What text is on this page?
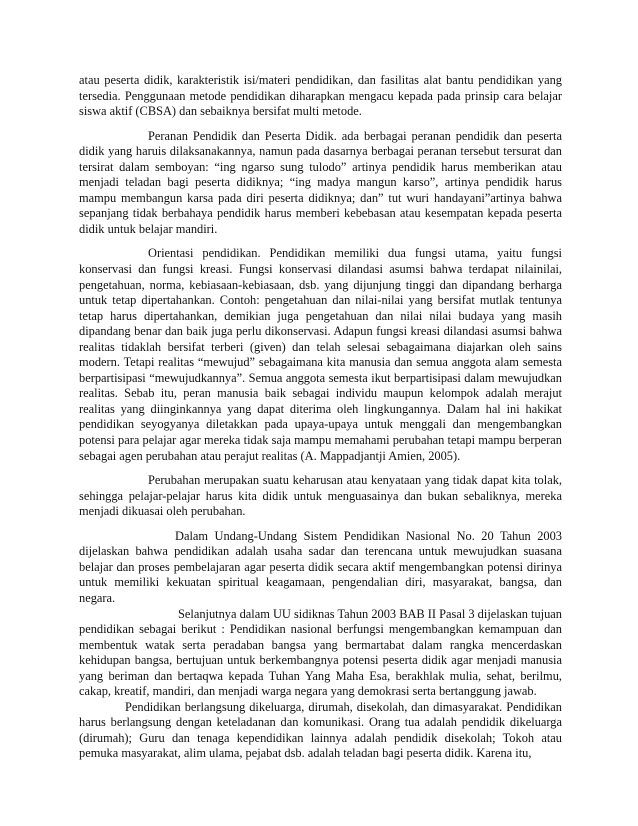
atau peserta didik, karakteristik isi/materi pendidikan, dan fasilitas alat bantu pendidikan yang tersedia. Penggunaan metode pendidikan diharapkan mengacu kepada pada prinsip cara belajar siswa aktif (CBSA) dan sebaiknya bersifat multi metode.

Peranan Pendidik dan Peserta Didik. ada berbagai peranan pendidik dan peserta didik yang haruis dilaksanakannya, namun pada dasarnya berbagai peranan tersebut tersurat dan tersirat dalam semboyan: “ing ngarso sung tulodo” artinya pendidik harus memberikan atau menjadi teladan bagi peserta didiknya; “ing madya mangun karso”, artinya pendidik harus mampu membangun karsa pada diri peserta didiknya; dan” tut wuri handayani”artinya bahwa sepanjang tidak berbahaya pendidik harus memberi kebebasan atau kesempatan kepada peserta didik untuk belajar mandiri.

Orientasi pendidikan. Pendidikan memiliki dua fungsi utama, yaitu fungsi konservasi dan fungsi kreasi. Fungsi konservasi dilandasi asumsi bahwa terdapat nilainilai, pengetahuan, norma, kebiasaan-kebiasaan, dsb. yang dijunjung tinggi dan dipandang berharga untuk tetap dipertahankan. Contoh: pengetahuan dan nilai-nilai yang bersifat mutlak tentunya tetap harus dipertahankan, demikian juga pengetahuan dan nilai nilai budaya yang masih dipandang benar dan baik juga perlu dikonservasi. Adapun fungsi kreasi dilandasi asumsi bahwa realitas tidaklah bersifat terberi (given) dan telah selesai sebagaimana diajarkan oleh sains modern. Tetapi realitas “mewujud” sebagaimana kita manusia dan semua anggota alam semesta berpartisipasi “mewujudkannya”. Semua anggota semesta ikut berpartisipasi dalam mewujudkan realitas. Sebab itu, peran manusia baik sebagai individu maupun kelompok adalah merajut realitas yang diinginkannya yang dapat diterima oleh lingkungannya. Dalam hal ini hakikat pendidikan seyogyanya diletakkan pada upaya-upaya untuk menggali dan mengembangkan potensi para pelajar agar mereka tidak saja mampu memahami perubahan tetapi mampu berperan sebagai agen perubahan atau perajut realitas (A. Mappadjantji Amien, 2005).

Perubahan merupakan suatu keharusan atau kenyataan yang tidak dapat kita tolak, sehingga pelajar-pelajar harus kita didik untuk menguasainya dan bukan sebaliknya, mereka menjadi dikuasai oleh perubahan.

Dalam Undang-Undang Sistem Pendidikan Nasional No. 20 Tahun 2003 dijelaskan bahwa pendidikan adalah usaha sadar dan terencana untuk mewujudkan suasana belajar dan proses pembelajaran agar peserta didik secara aktif mengembangkan potensi dirinya untuk memiliki kekuatan spiritual keagamaan, pengendalian diri, masyarakat, bangsa, dan negara.

Selanjutnya dalam UU sidiknas Tahun 2003 BAB II Pasal 3 dijelaskan tujuan pendidikan sebagai berikut : Pendidikan nasional berfungsi mengembangkan kemampuan dan membentuk watak serta peradaban bangsa yang bermartabat dalam rangka mencerdaskan kehidupan bangsa, bertujuan untuk berkembangnya potensi peserta didik agar menjadi manusia yang beriman dan bertaqwa kepada Tuhan Yang Maha Esa, berakhlak mulia, sehat, berilmu, cakap, kreatif, mandiri, dan menjadi warga negara yang demokrasi serta bertanggung jawab.

Pendidikan berlangsung dikeluarga, dirumah, disekolah, dan dimasyarakat. Pendidikan harus berlangsung dengan keteladanan dan komunikasi. Orang tua adalah pendidik dikeluarga (dirumah); Guru dan tenaga kependidikan lainnya adalah pendidik disekolah; Tokoh atau pemuka masyarakat, alim ulama, pejabat dsb. adalah teladan bagi peserta didik. Karena itu,
